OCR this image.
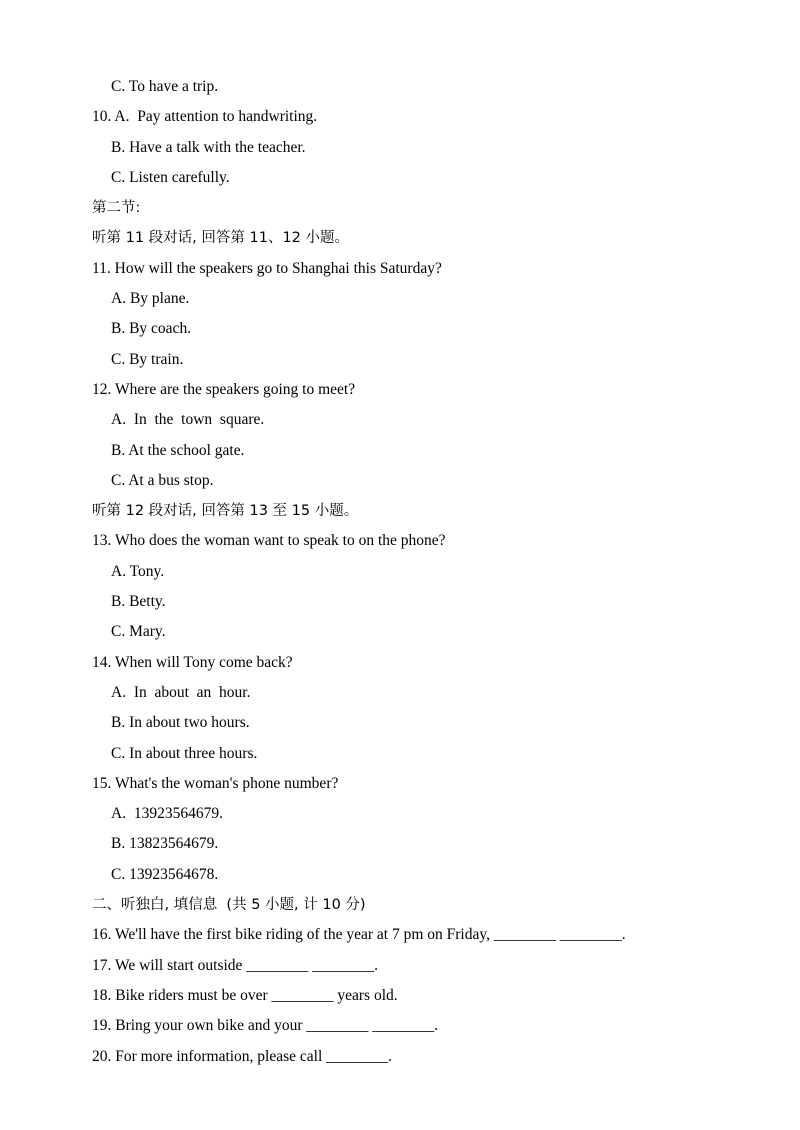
C. To have a trip.
10. A.  Pay attention to handwriting.
B. Have a talk with the teacher.
C. Listen carefully.
第二节:
听第 11 段对话, 回答第 11、12 小题。
11. How will the speakers go to Shanghai this Saturday?
A. By plane.
B. By coach.
C. By train.
12. Where are the speakers going to meet?
A.  In  the  town  square.
B. At the school gate.
C. At a bus stop.
听第 12 段对话, 回答第 13 至 15 小题。
13. Who does the woman want to speak to on the phone?
A. Tony.
B. Betty.
C. Mary.
14. When will Tony come back?
A.  In  about  an  hour.
B. In about two hours.
C. In about three hours.
15. What's the woman's phone number?
A.  13923564679.
B. 13823564679.
C. 13923564678.
二、听独白, 填信息  (共 5 小题, 计 10 分)
16. We'll have the first bike riding of the year at 7 pm on Friday, ________ ________.
17. We will start outside ________ ________.
18. Bike riders must be over ________ years old.
19. Bring your own bike and your ________ ________.
20. For more information, please call ________.
